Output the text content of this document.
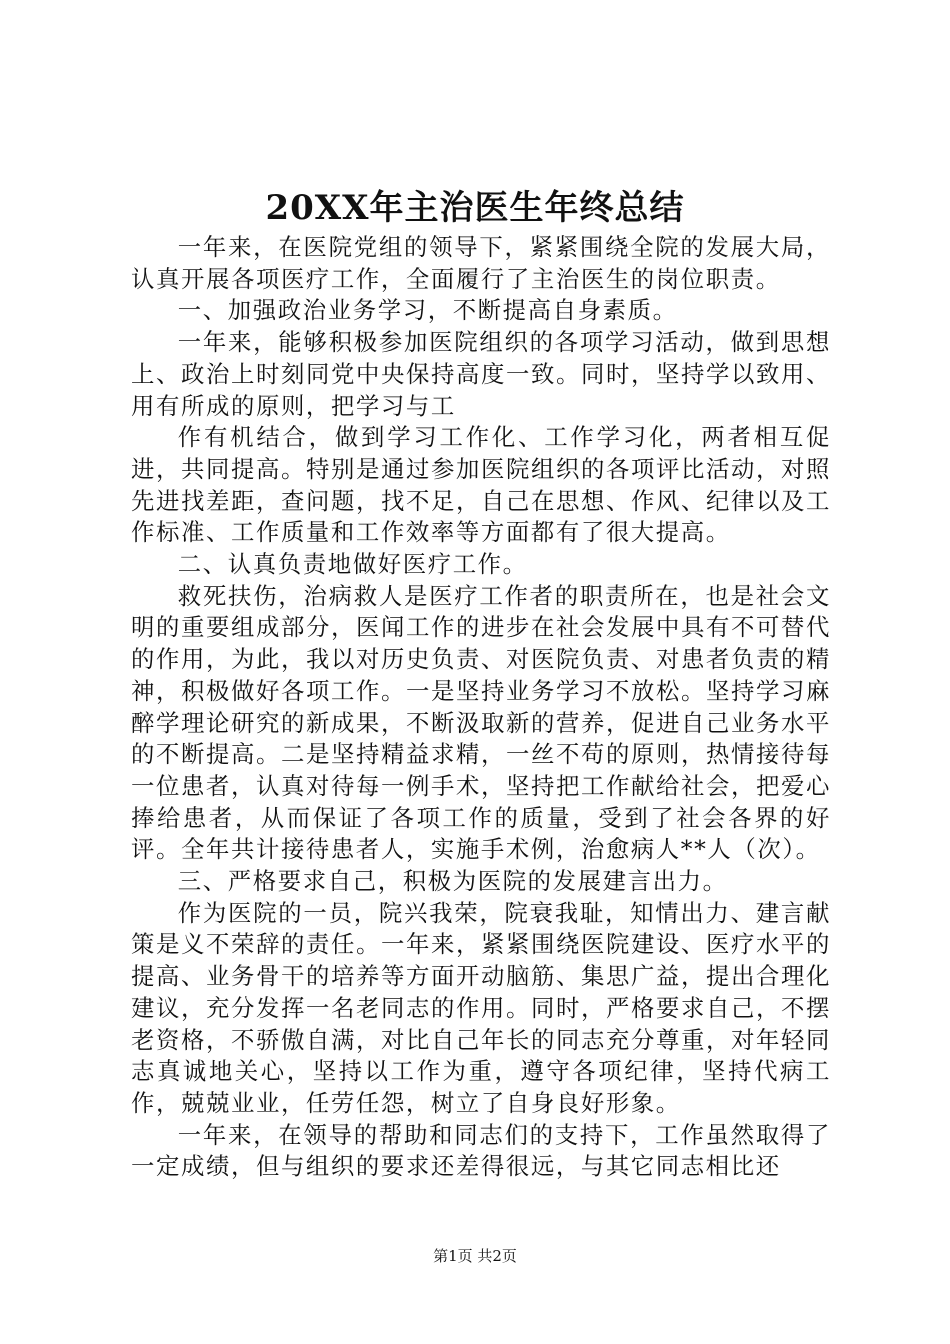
20XX年主治医生年终总结

一年来，在医院党组的领导下，紧紧围绕全院的发展大局，认真开展各项医疗工作，全面履行了主治医生的岗位职责。

一、加强政治业务学习，不断提高自身素质。

一年来，能够积极参加医院组织的各项学习活动，做到思想上、政治上时刻同党中央保持高度一致。同时，坚持学以致用、用有所成的原则，把学习与工

作有机结合，做到学习工作化、工作学习化，两者相互促进，共同提高。特别是通过参加医院组织的各项评比活动，对照先进找差距，查问题，找不足，自己在思想、作风、纪律以及工作标准、工作质量和工作效率等方面都有了很大提高。

二、认真负责地做好医疗工作。

救死扶伤，治病救人是医疗工作者的职责所在，也是社会文明的重要组成部分，医闻工作的进步在社会发展中具有不可替代的作用，为此，我以对历史负责、对医院负责、对患者负责的精神，积极做好各项工作。一是坚持业务学习不放松。坚持学习麻醉学理论研究的新成果，不断汲取新的营养，促进自己业务水平的不断提高。二是坚持精益求精，一丝不苟的原则，热情接待每一位患者，认真对待每一例手术，坚持把工作献给社会，把爱心捧给患者，从而保证了各项工作的质量，受到了社会各界的好评。全年共计接待患者人，实施手术例，治愈病人**人（次）。

三、严格要求自己，积极为医院的发展建言出力。

作为医院的一员，院兴我荣，院衰我耻，知情出力、建言献策是义不荣辞的责任。一年来，紧紧围绕医院建设、医疗水平的提高、业务骨干的培养等方面开动脑筋、集思广益，提出合理化建议，充分发挥一名老同志的作用。同时，严格要求自己，不摆老资格，不骄傲自满，对比自己年长的同志充分尊重，对年轻同志真诚地关心，坚持以工作为重，遵守各项纪律，坚持代病工作，兢兢业业，任劳任怨，树立了自身良好形象。

一年来，在领导的帮助和同志们的支持下，工作虽然取得了一定成绩，但与组织的要求还差得很远，与其它同志相比还

第1页 共2页
